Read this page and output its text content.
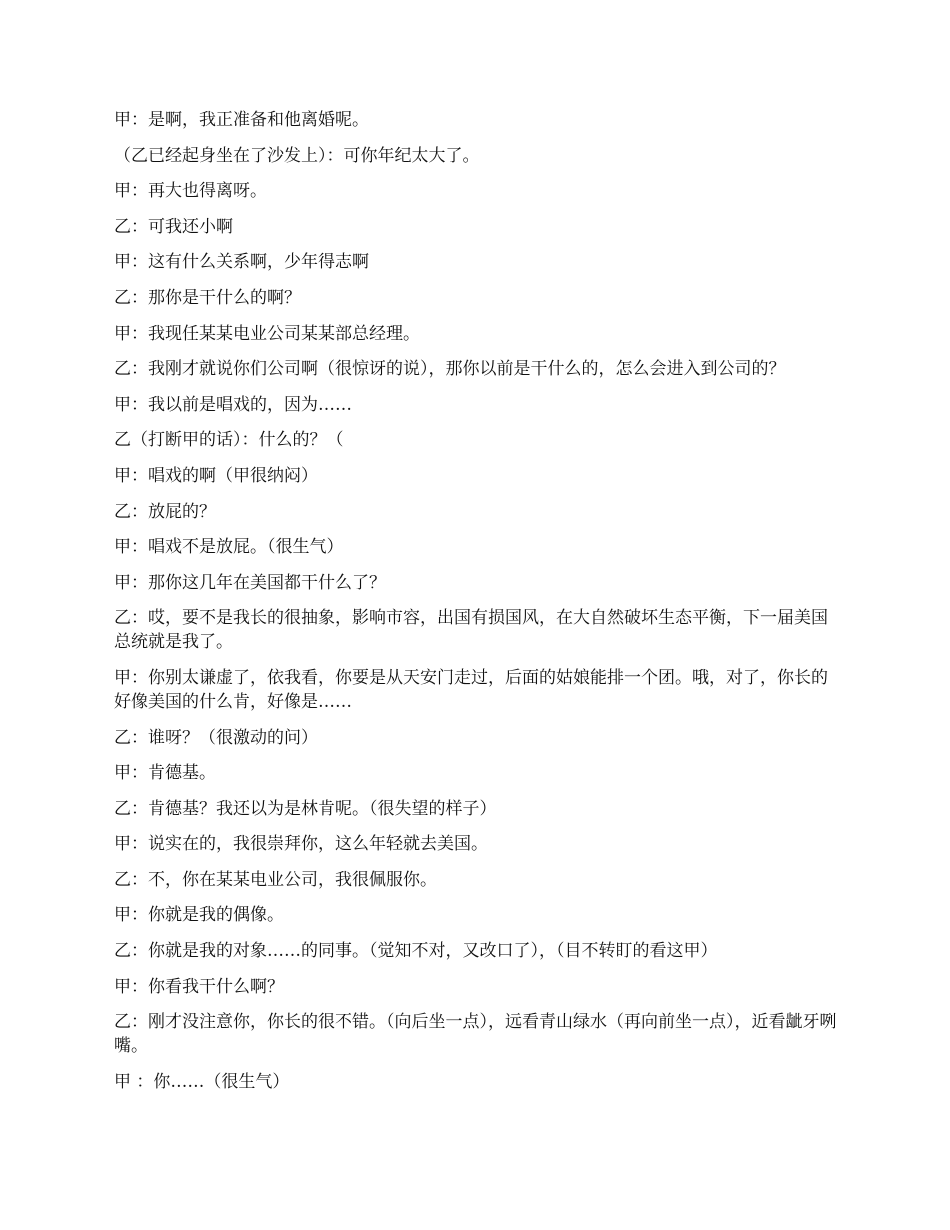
甲：是啊，我正准备和他离婚呢。

（乙已经起身坐在了沙发上）：可你年纪太大了。

甲：再大也得离呀。

乙：可我还小啊

甲：这有什么关系啊，少年得志啊

乙：那你是干什么的啊？

甲：我现任某某电业公司某某部总经理。

乙：我刚才就说你们公司啊（很惊讶的说），那你以前是干什么的，怎么会进入到公司的？

甲：我以前是唱戏的，因为……

乙（打断甲的话）：什么的？（

甲：唱戏的啊（甲很纳闷）

乙：放屁的？

甲：唱戏不是放屁。（很生气）

甲：那你这几年在美国都干什么了？

乙：哎，要不是我长的很抽象，影响市容，出国有损国风，在大自然破坏生态平衡，下一届美国总统就是我了。

甲：你别太谦虚了，依我看，你要是从天安门走过，后面的姑娘能排一个团。哦，对了，你长的好像美国的什么肯，好像是……

乙：谁呀？（很激动的问）

甲：肯德基。

乙：肯德基？我还以为是林肯呢。（很失望的样子）

甲：说实在的，我很崇拜你，这么年轻就去美国。

乙：不，你在某某电业公司，我很佩服你。

甲：你就是我的偶像。

乙：你就是我的对象……的同事。（觉知不对，又改口了），（目不转盯的看这甲）

甲：你看我干什么啊？

乙：刚才没注意你，你长的很不错。（向后坐一点），远看青山绿水（再向前坐一点），近看龇牙咧嘴。

甲 ：你……（很生气）
